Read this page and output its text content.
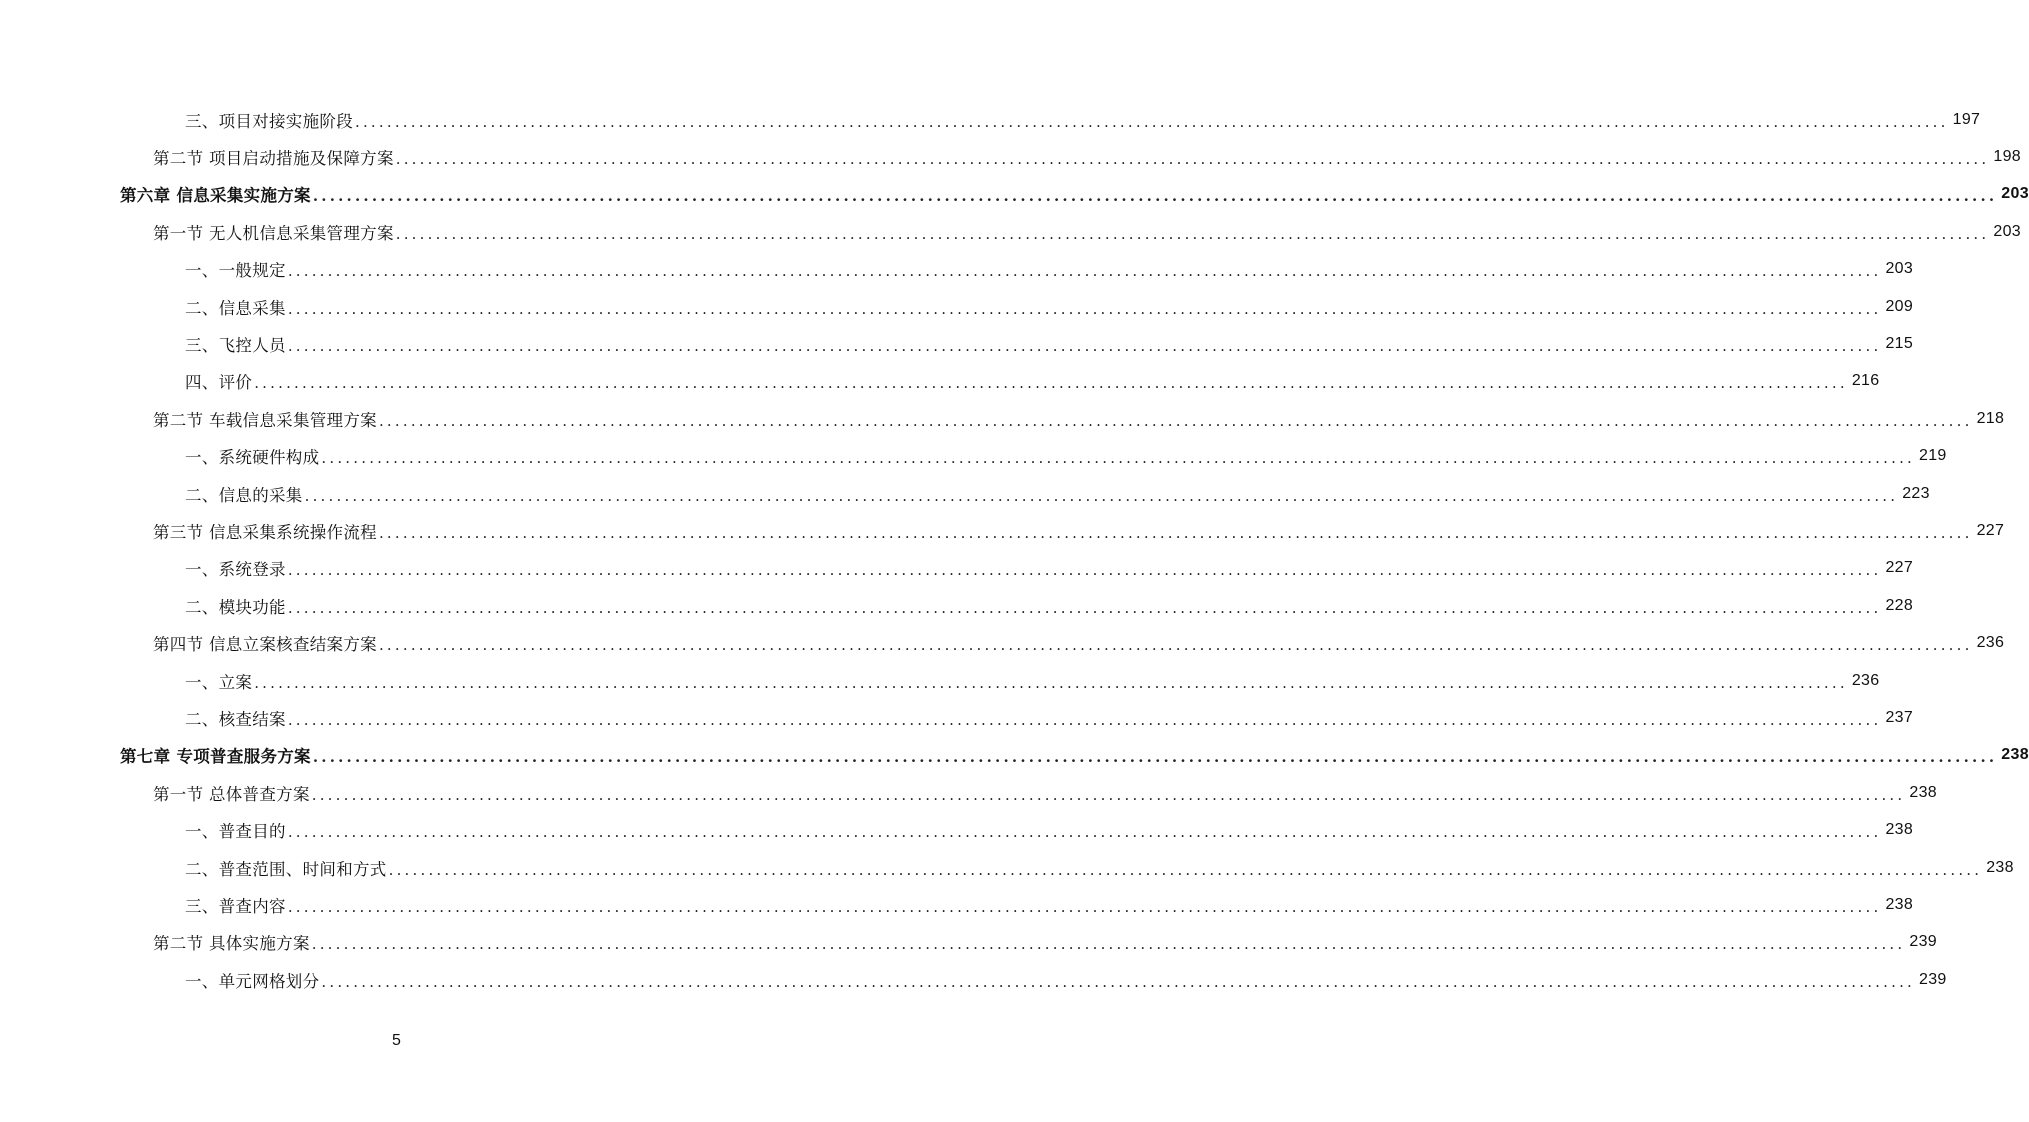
三、项目对接实施阶段 ........................................................................................................................................................................................................ 197
第二节 项目启动措施及保障方案 ........................................................................................................................................................................................................ 198
第六章 信息采集实施方案 ........................................................................................................................................................................................................ 203
第一节 无人机信息采集管理方案 ........................................................................................................................................................................................................ 203
一、一般规定 ........................................................................................................................................................................................................ 203
二、信息采集 ........................................................................................................................................................................................................ 209
三、飞控人员 ........................................................................................................................................................................................................ 215
四、评价 ........................................................................................................................................................................................................ 216
第二节 车载信息采集管理方案 ........................................................................................................................................................................................................ 218
一、系统硬件构成 ........................................................................................................................................................................................................ 219
二、信息的采集 ........................................................................................................................................................................................................ 223
第三节 信息采集系统操作流程 ........................................................................................................................................................................................................ 227
一、系统登录 ........................................................................................................................................................................................................ 227
二、模块功能 ........................................................................................................................................................................................................ 228
第四节 信息立案核查结案方案 ........................................................................................................................................................................................................ 236
一、立案 ........................................................................................................................................................................................................ 236
二、核查结案 ........................................................................................................................................................................................................ 237
第七章 专项普查服务方案 ........................................................................................................................................................................................................ 238
第一节 总体普查方案 ........................................................................................................................................................................................................ 238
一、普查目的 ........................................................................................................................................................................................................ 238
二、普查范围、时间和方式 ........................................................................................................................................................................................................ 238
三、普查内容 ........................................................................................................................................................................................................ 238
第二节 具体实施方案 ........................................................................................................................................................................................................ 239
一、单元网格划分 ........................................................................................................................................................................................................ 239
5
